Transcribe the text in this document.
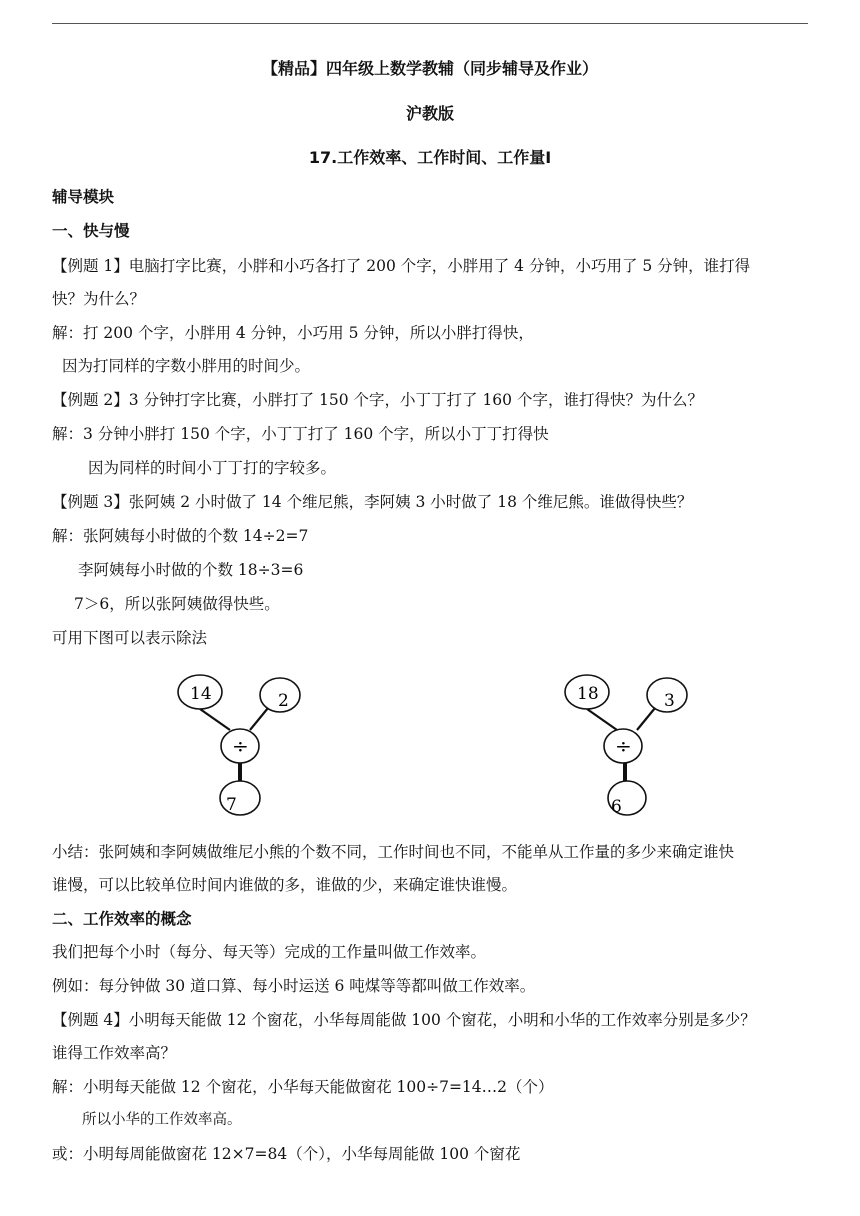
【精品】四年级上数学教辅（同步辅导及作业）
沪教版
17.工作效率、工作时间、工作量Ⅰ
辅导模块
一、快与慢
【例题 1】电脑打字比赛，小胖和小巧各打了 200 个字，小胖用了 4 分钟，小巧用了 5 分钟，谁打得
快？为什么？
解：打 200 个字，小胖用 4 分钟，小巧用 5 分钟，所以小胖打得快，
因为打同样的字数小胖用的时间少。
【例题 2】3 分钟打字比赛，小胖打了 150 个字，小丁丁打了 160 个字，谁打得快？为什么？
解：3 分钟小胖打 150 个字，小丁丁打了 160 个字，所以小丁丁打得快
因为同样的时间小丁丁打的字较多。
【例题 3】张阿姨 2 小时做了 14 个维尼熊，李阿姨 3 小时做了 18 个维尼熊。谁做得快些？
解：张阿姨每小时做的个数 14÷2=7
李阿姨每小时做的个数 18÷3=6
7＞6，所以张阿姨做得快些。
可用下图可以表示除法
14	2
÷
7
18	3
÷
6
小结：张阿姨和李阿姨做维尼小熊的个数不同，工作时间也不同，不能单从工作量的多少来确定谁快
谁慢，可以比较单位时间内谁做的多，谁做的少，来确定谁快谁慢。
二、工作效率的概念
我们把每个小时（每分、每天等）完成的工作量叫做工作效率。
例如：每分钟做 30 道口算、每小时运送 6 吨煤等等都叫做工作效率。
【例题 4】小明每天能做 12 个窗花，小华每周能做 100 个窗花，小明和小华的工作效率分别是多少？
谁得工作效率高？
解：小明每天能做 12 个窗花，小华每天能做窗花 100÷7=14…2（个）
所以小华的工作效率高。
或：小明每周能做窗花 12×7=84（个），小华每周能做 100 个窗花
